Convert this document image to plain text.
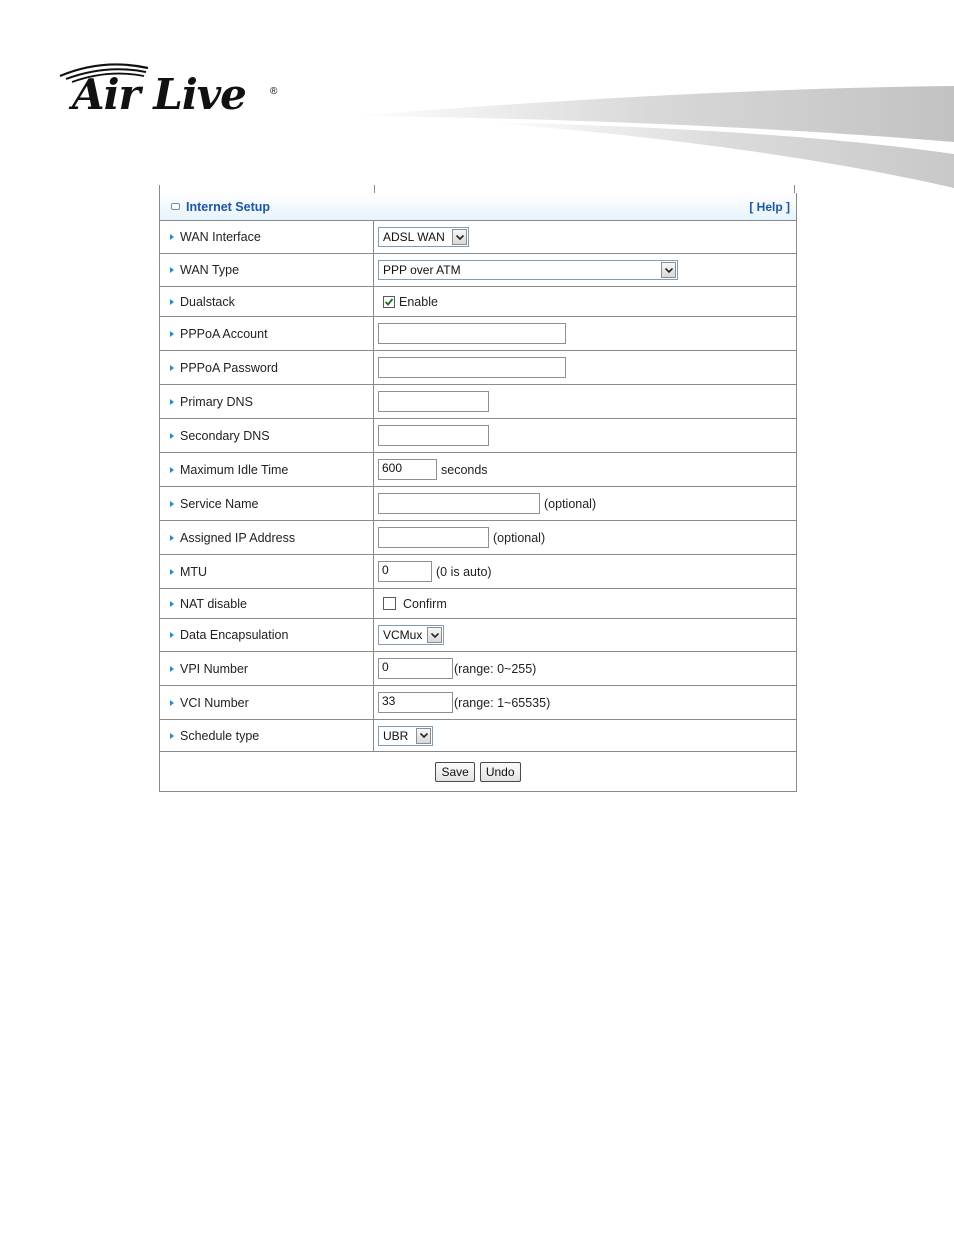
Air Live ®
Internet Setup	[ Help ]
WAN Interface	ADSL WAN
WAN Type	PPP over ATM
Dualstack	Enable
PPPoA Account
PPPoA Password
Primary DNS
Secondary DNS
Maximum Idle Time	600	seconds
Service Name	(optional)
Assigned IP Address	(optional)
MTU	0	(0 is auto)
NAT disable	Confirm
Data Encapsulation	VCMux
VPI Number	0	(range: 0~255)
VCI Number	33	(range: 1~65535)
Schedule type	UBR
Save	Undo
